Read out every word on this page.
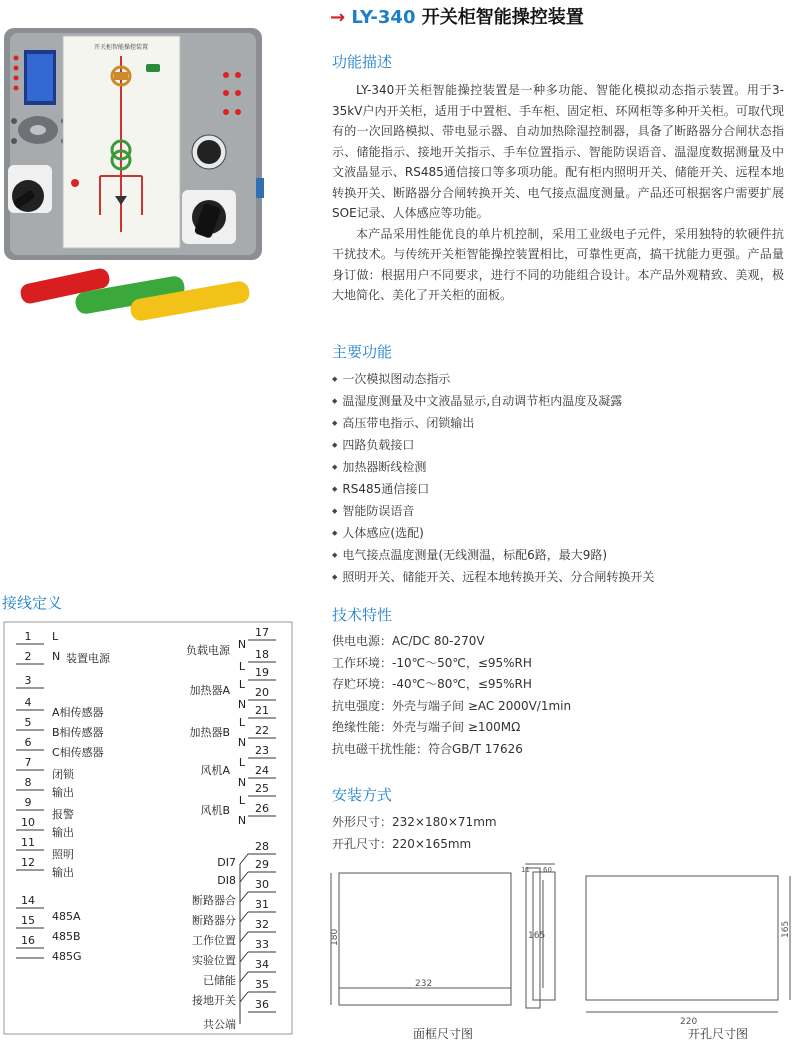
开关柜智能操控装置
→ LY-340 开关柜智能操控装置
功能描述

LY-340开关柜智能操控装置是一种多功能、智能化模拟动态指示装置。用于3-35kV户内开关柜，适用于中置柜、手车柜、固定柜、环网柜等多种开关柜。可取代现有的一次回路模拟、带电显示器、自动加热除湿控制器，具备了断路器分合闸状态指示、储能指示、接地开关指示、手车位置指示、智能防误语音、温湿度数据测量及中文液晶显示、RS485通信接口等多项功能。配有柜内照明开关、储能开关、远程本地转换开关、断路器分合闸转换开关、电气接点温度测量。产品还可根据客户需要扩展SOE记录、人体感应等功能。

本产品采用性能优良的单片机控制，采用工业级电子元件，采用独特的软硬件抗干扰技术。与传统开关柜智能操控装置相比，可靠性更高，搞干扰能力更强。产品量身订做：根据用户不同要求，进行不同的功能组合设计。本产品外观精致、美观，极大地简化、美化了开关柜的面板。

主要功能
◆ 一次模拟图动态指示
◆ 温湿度测量及中文液晶显示,自动调节柜内温度及凝露
◆ 高压带电指示、闭锁输出
◆ 四路负载接口
◆ 加热器断线检测
◆ RS485通信接口
◆ 智能防误语音
◆ 人体感应(选配)
◆ 电气接点温度测量(无线测温，标配6路，最大9路)
◆ 照明开关、储能开关、远程本地转换开关、分合闸转换开关
技术特性
供电电源：AC/DC 80-270V
工作环境：-10℃～50℃，≤95%RH
存贮环境：-40℃～80℃，≤95%RH
抗电强度：外壳与端子间 ≥AC 2000V/1min
绝缘性能：外壳与端子间 ≥100MΩ
抗电磁干扰性能：符合GB/T 17626
安装方式
外形尺寸：232×180×71mm
开孔尺寸：220×165mm
11 60
165
180
232
面框尺寸图
165
220
开孔尺寸图
接线定义
1 L
2 N
3
4
5
6
7
8
9
10
11
12
14
15
16
装置电源
A相传感器
B相传感器
C相传感器
闭锁
输出
报警
输出
照明
输出
485A
485B
485G
17
N
18
L 19
L
20
N 21
L
22
N
23
L
24
N 25
L
26
N
负载电源
加热器A
加热器B
风机A
风机B
28
29
30
31
32
33
34
35
36
DI7
DI8
断路器合
断路器分
工作位置
实验位置
已储能
接地开关
共公端
